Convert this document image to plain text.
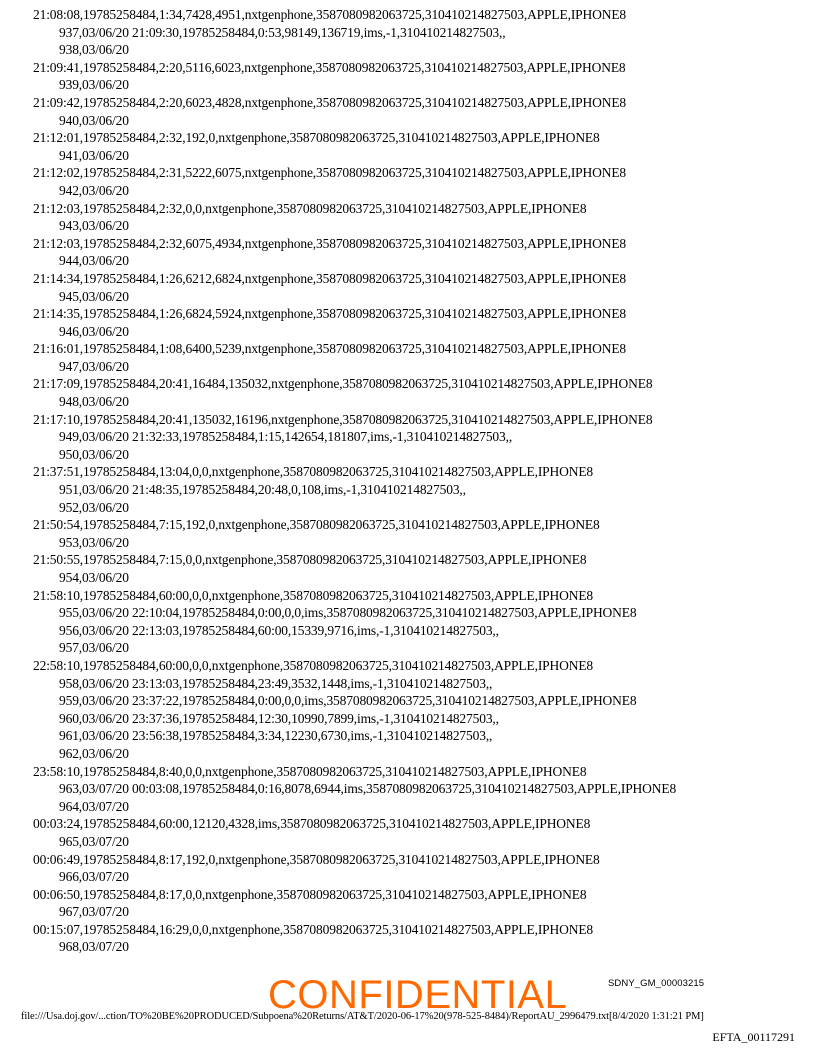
21:08:08,19785258484,1:34,7428,4951,nxtgenphone,3587080982063725,310410214827503,APPLE,IPHONE8
937,03/06/20 21:09:30,19785258484,0:53,98149,136719,ims,-1,310410214827503,,
938,03/06/20
21:09:41,19785258484,2:20,5116,6023,nxtgenphone,3587080982063725,310410214827503,APPLE,IPHONE8
939,03/06/20
21:09:42,19785258484,2:20,6023,4828,nxtgenphone,3587080982063725,310410214827503,APPLE,IPHONE8
940,03/06/20
21:12:01,19785258484,2:32,192,0,nxtgenphone,3587080982063725,310410214827503,APPLE,IPHONE8
941,03/06/20
21:12:02,19785258484,2:31,5222,6075,nxtgenphone,3587080982063725,310410214827503,APPLE,IPHONE8
942,03/06/20
21:12:03,19785258484,2:32,0,0,nxtgenphone,3587080982063725,310410214827503,APPLE,IPHONE8
943,03/06/20
21:12:03,19785258484,2:32,6075,4934,nxtgenphone,3587080982063725,310410214827503,APPLE,IPHONE8
944,03/06/20
21:14:34,19785258484,1:26,6212,6824,nxtgenphone,3587080982063725,310410214827503,APPLE,IPHONE8
945,03/06/20
21:14:35,19785258484,1:26,6824,5924,nxtgenphone,3587080982063725,310410214827503,APPLE,IPHONE8
946,03/06/20
21:16:01,19785258484,1:08,6400,5239,nxtgenphone,3587080982063725,310410214827503,APPLE,IPHONE8
947,03/06/20
21:17:09,19785258484,20:41,16484,135032,nxtgenphone,3587080982063725,310410214827503,APPLE,IPHONE8
948,03/06/20
21:17:10,19785258484,20:41,135032,16196,nxtgenphone,3587080982063725,310410214827503,APPLE,IPHONE8
949,03/06/20 21:32:33,19785258484,1:15,142654,181807,ims,-1,310410214827503,,
950,03/06/20
21:37:51,19785258484,13:04,0,0,nxtgenphone,3587080982063725,310410214827503,APPLE,IPHONE8
951,03/06/20 21:48:35,19785258484,20:48,0,108,ims,-1,310410214827503,,
952,03/06/20
21:50:54,19785258484,7:15,192,0,nxtgenphone,3587080982063725,310410214827503,APPLE,IPHONE8
953,03/06/20
21:50:55,19785258484,7:15,0,0,nxtgenphone,3587080982063725,310410214827503,APPLE,IPHONE8
954,03/06/20
21:58:10,19785258484,60:00,0,0,nxtgenphone,3587080982063725,310410214827503,APPLE,IPHONE8
955,03/06/20 22:10:04,19785258484,0:00,0,0,ims,3587080982063725,310410214827503,APPLE,IPHONE8
956,03/06/20 22:13:03,19785258484,60:00,15339,9716,ims,-1,310410214827503,,
957,03/06/20
22:58:10,19785258484,60:00,0,0,nxtgenphone,3587080982063725,310410214827503,APPLE,IPHONE8
958,03/06/20 23:13:03,19785258484,23:49,3532,1448,ims,-1,310410214827503,,
959,03/06/20 23:37:22,19785258484,0:00,0,0,ims,3587080982063725,310410214827503,APPLE,IPHONE8
960,03/06/20 23:37:36,19785258484,12:30,10990,7899,ims,-1,310410214827503,,
961,03/06/20 23:56:38,19785258484,3:34,12230,6730,ims,-1,310410214827503,,
962,03/06/20
23:58:10,19785258484,8:40,0,0,nxtgenphone,3587080982063725,310410214827503,APPLE,IPHONE8
963,03/07/20 00:03:08,19785258484,0:16,8078,6944,ims,3587080982063725,310410214827503,APPLE,IPHONE8
964,03/07/20
00:03:24,19785258484,60:00,12120,4328,ims,3587080982063725,310410214827503,APPLE,IPHONE8
965,03/07/20
00:06:49,19785258484,8:17,192,0,nxtgenphone,3587080982063725,310410214827503,APPLE,IPHONE8
966,03/07/20
00:06:50,19785258484,8:17,0,0,nxtgenphone,3587080982063725,310410214827503,APPLE,IPHONE8
967,03/07/20
00:15:07,19785258484,16:29,0,0,nxtgenphone,3587080982063725,310410214827503,APPLE,IPHONE8
968,03/07/20
SDNY_GM_00003215
CONFIDENTIAL
file:///Usa.doj.gov/...ction/TO%20BE%20PRODUCED/Subpoena%20Returns/AT&T/2020-06-17%20(978-525-8484)/ReportAU_2996479.txt[8/4/2020 1:31:21 PM]
EFTA_00117291
